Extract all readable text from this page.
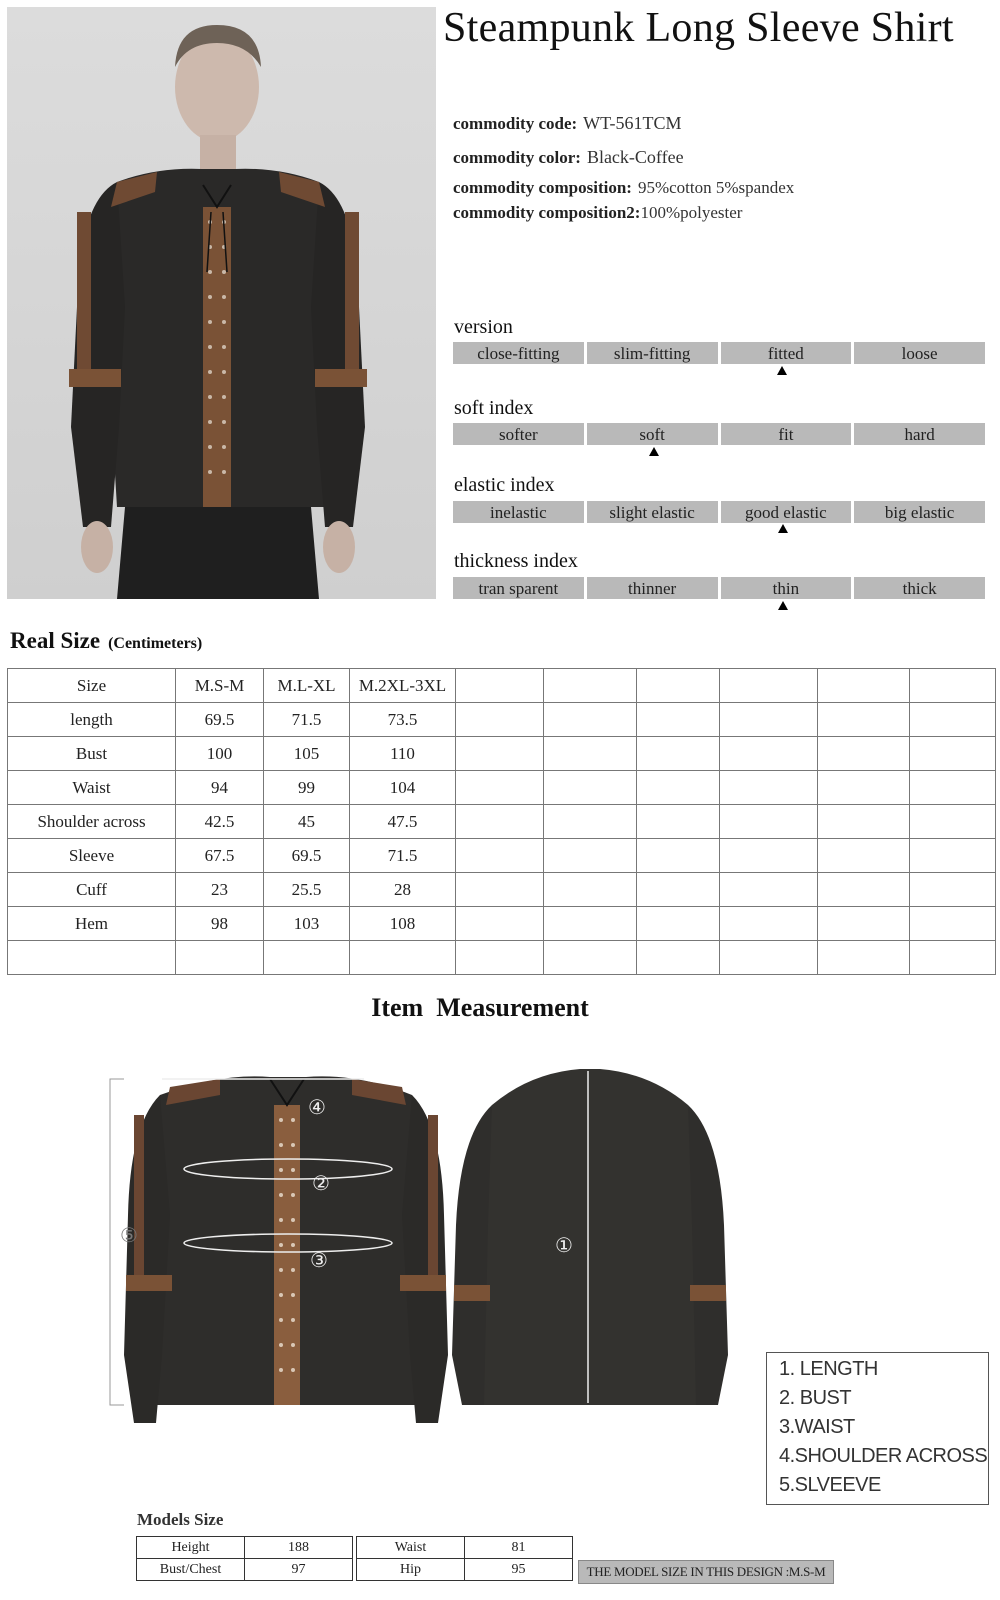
Steampunk Long Sleeve Shirt
commodity code: WT-561TCM
commodity color: Black-Coffee
commodity composition: 95%cotton 5%spandex
commodity composition2:100%polyester
version
close-fitting	slim-fitting	fitted	loose
soft index
softer	soft	fit	hard
elastic index
inelastic	slight elastic	good elastic	big elastic
thickness index
tran sparent	thinner	thin	thick
Real Size (Centimeters)
Size	M.S-M	M.L-XL	M.2XL-3XL						
length	69.5	71.5	73.5						
Bust	100	105	110						
Waist	94	99	104						
Shoulder across	42.5	45	47.5						
Sleeve	67.5	69.5	71.5						
Cuff	23	25.5	28						
Hem	98	103	108						

Item  Measurement
①
②
③
④
⑤
1. LENGTH
2. BUST
3.WAIST
4.SHOULDER ACROSS
5.SLVEEVE
Models Size
Height	188
Bust/Chest	97
Waist	81
Hip	95	THE MODEL SIZE IN THIS DESIGN :M.S-M
